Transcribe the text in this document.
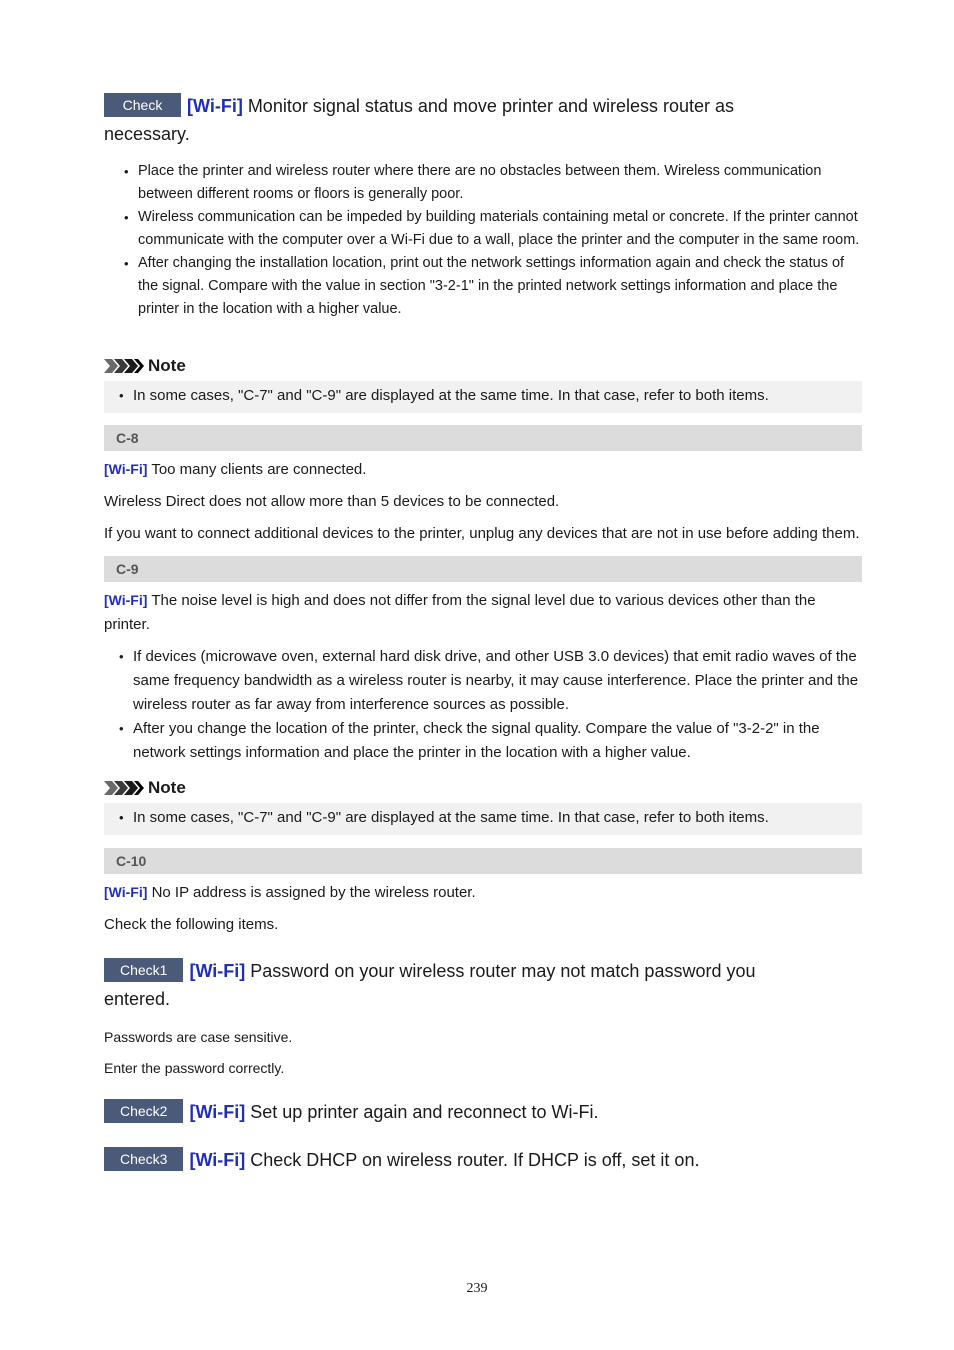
Check [Wi-Fi] Monitor signal status and move printer and wireless router as necessary.
• Place the printer and wireless router where there are no obstacles between them. Wireless communication between different rooms or floors is generally poor.
• Wireless communication can be impeded by building materials containing metal or concrete. If the printer cannot communicate with the computer over a Wi-Fi due to a wall, place the printer and the computer in the same room.
• After changing the installation location, print out the network settings information again and check the status of the signal. Compare with the value in section "3-2-1" in the printed network settings information and place the printer in the location with a higher value.
Note
• In some cases, "C-7" and "C-9" are displayed at the same time. In that case, refer to both items.
C-8

[Wi-Fi] Too many clients are connected.

Wireless Direct does not allow more than 5 devices to be connected.

If you want to connect additional devices to the printer, unplug any devices that are not in use before adding them.

C-9

[Wi-Fi] The noise level is high and does not differ from the signal level due to various devices other than the printer.

• If devices (microwave oven, external hard disk drive, and other USB 3.0 devices) that emit radio waves of the same frequency bandwidth as a wireless router is nearby, it may cause interference. Place the printer and the wireless router as far away from interference sources as possible.
• After you change the location of the printer, check the signal quality. Compare the value of "3-2-2" in the network settings information and place the printer in the location with a higher value.
Note
• In some cases, "C-7" and "C-9" are displayed at the same time. In that case, refer to both items.
C-10

[Wi-Fi] No IP address is assigned by the wireless router.

Check the following items.

Check1 [Wi-Fi] Password on your wireless router may not match password you entered.

Passwords are case sensitive.

Enter the password correctly.

Check2 [Wi-Fi] Set up printer again and reconnect to Wi-Fi.
Check3 [Wi-Fi] Check DHCP on wireless router. If DHCP is off, set it on.
239
